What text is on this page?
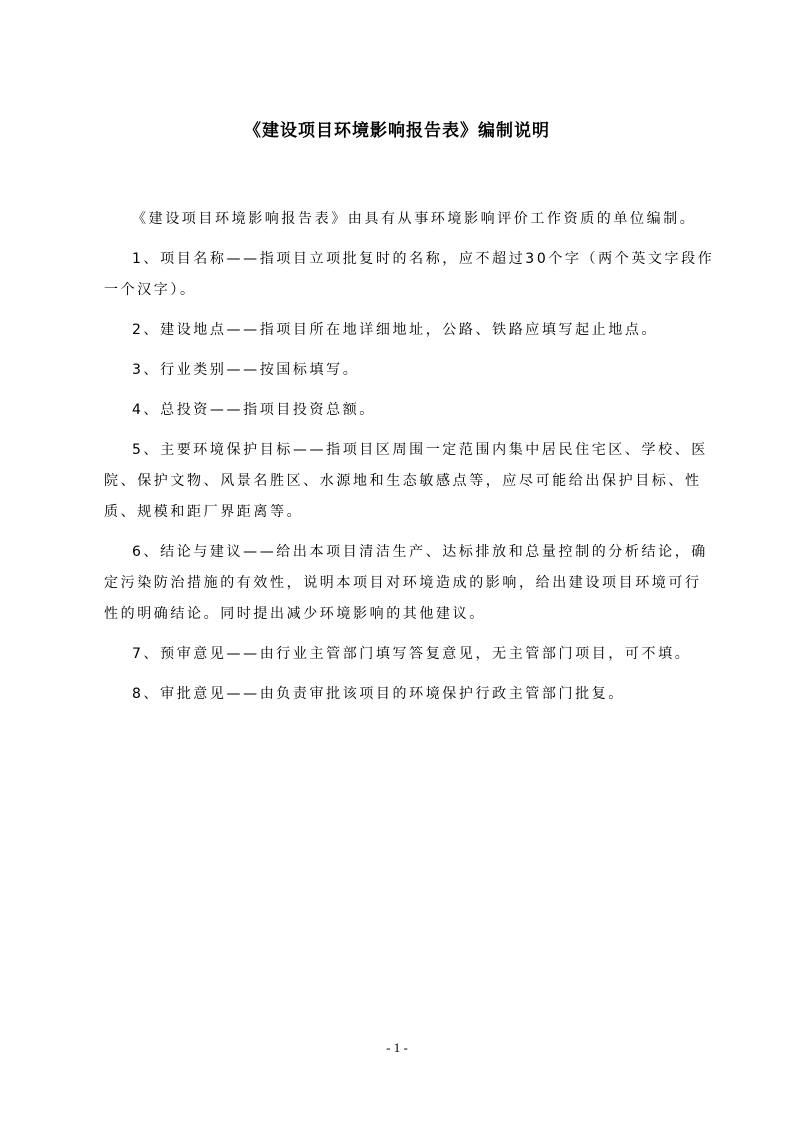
《建设项目环境影响报告表》编制说明

《建设项目环境影响报告表》由具有从事环境影响评价工作资质的单位编制。

1、项目名称——指项目立项批复时的名称，应不超过30个字（两个英文字段作一个汉字）。

2、建设地点——指项目所在地详细地址，公路、铁路应填写起止地点。

3、行业类别——按国标填写。

4、总投资——指项目投资总额。

5、主要环境保护目标——指项目区周围一定范围内集中居民住宅区、学校、医院、保护文物、风景名胜区、水源地和生态敏感点等，应尽可能给出保护目标、性质、规模和距厂界距离等。

6、结论与建议——给出本项目清洁生产、达标排放和总量控制的分析结论，确定污染防治措施的有效性，说明本项目对环境造成的影响，给出建设项目环境可行性的明确结论。同时提出减少环境影响的其他建议。

7、预审意见——由行业主管部门填写答复意见，无主管部门项目，可不填。

8、审批意见——由负责审批该项目的环境保护行政主管部门批复。

- 1 -
